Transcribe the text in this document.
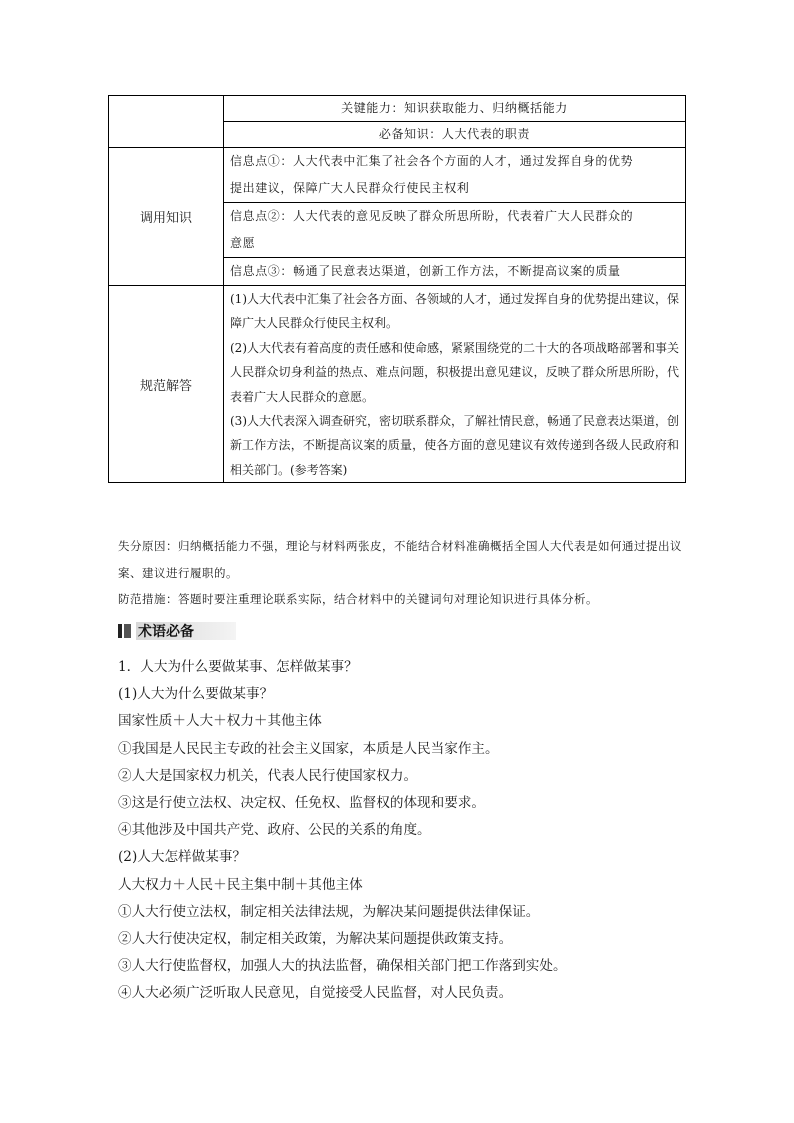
	关键能力：知识获取能力、归纳概括能力
	必备知识：人大代表的职责
调用知识	信息点①：人大代表中汇集了社会各个方面的人才，通过发挥自身的优势
提出建议，保障广大人民群众行使民主权利

	信息点②：人大代表的意见反映了群众所思所盼，代表着广大人民群众的
意愿

	信息点③：畅通了民意表达渠道，创新工作方法，不断提高议案的质量

规范解答	(1)人大代表中汇集了社会各方面、各领域的人才，通过发挥自身的优势提出建议，保障广大人民群众行使民主权利。

(2)人大代表有着高度的责任感和使命感，紧紧围绕党的二十大的各项战略部署和事关人民群众切身利益的热点、难点问题，积极提出意见建议，反映了群众所思所盼，代表着广大人民群众的意愿。

(3)人大代表深入调查研究，密切联系群众，了解社情民意，畅通了民意表达渠道，创新工作方法，不断提高议案的质量，使各方面的意见建议有效传递到各级人民政府和相关部门。(参考答案)

失分原因：归纳概括能力不强，理论与材料两张皮，不能结合材料准确概括全国人大代表是如何通过提出议案、建议进行履职的。

防范措施：答题时要注重理论联系实际，结合材料中的关键词句对理论知识进行具体分析。

术语必备

1．人大为什么要做某事、怎样做某事？

(1)人大为什么要做某事？

国家性质＋人大＋权力＋其他主体

①我国是人民民主专政的社会主义国家，本质是人民当家作主。

②人大是国家权力机关，代表人民行使国家权力。

③这是行使立法权、决定权、任免权、监督权的体现和要求。

④其他涉及中国共产党、政府、公民的关系的角度。

(2)人大怎样做某事？

人大权力＋人民＋民主集中制＋其他主体

①人大行使立法权，制定相关法律法规，为解决某问题提供法律保证。

②人大行使决定权，制定相关政策，为解决某问题提供政策支持。

③人大行使监督权，加强人大的执法监督，确保相关部门把工作落到实处。

④人大必须广泛听取人民意见，自觉接受人民监督，对人民负责。
